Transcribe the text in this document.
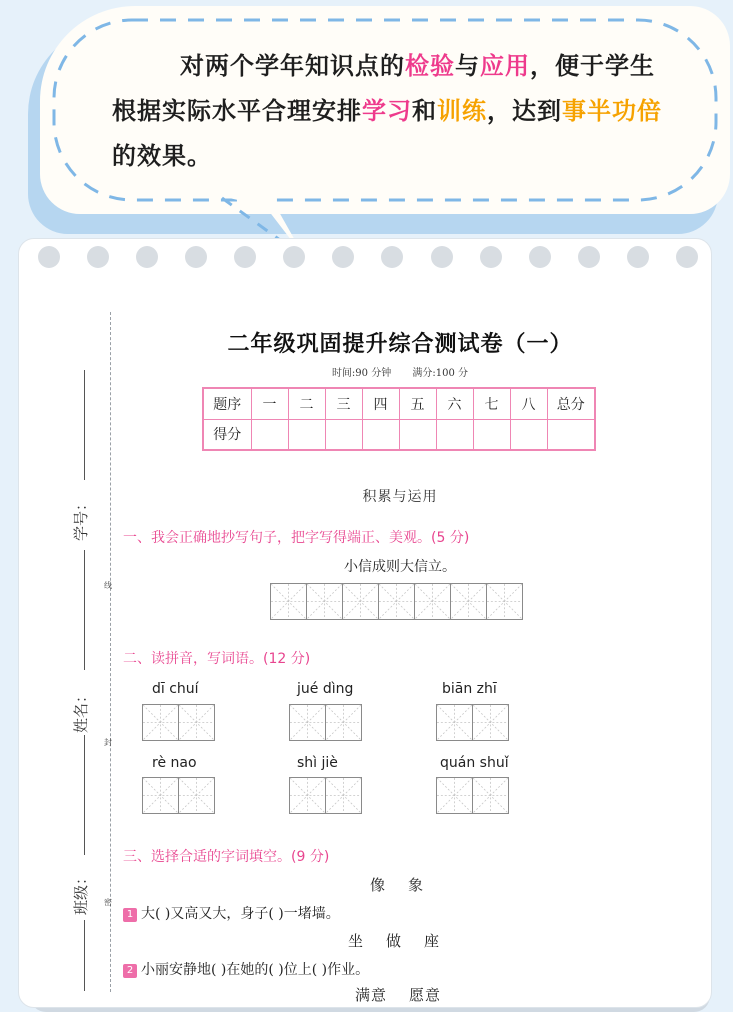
对两个学年知识点的检验与应用，便于学生
根据实际水平合理安排学习和训练，达到事半功倍
的效果。
学号：
姓名：
班级：
线
封
密
二年级巩固提升综合测试卷（一）
时间:90 分钟 满分:100 分
题序	一	二	三	四	五	六	七	八	总分
得分									
积累与运用
一、我会正确地抄写句子，把字写得端正、美观。(5 分)
小信成则大信立。
二、读拼音，写词语。(12 分)
dī chuí	jué dìng	biān zhī
rè nao	shì jiè	quán shuǐ
三、选择合适的字词填空。(9 分)
像 象
1 大( )又高又大，身子( )一堵墙。
坐 做 座
2 小丽安静地( )在她的( )位上( )作业。
满意 愿意
